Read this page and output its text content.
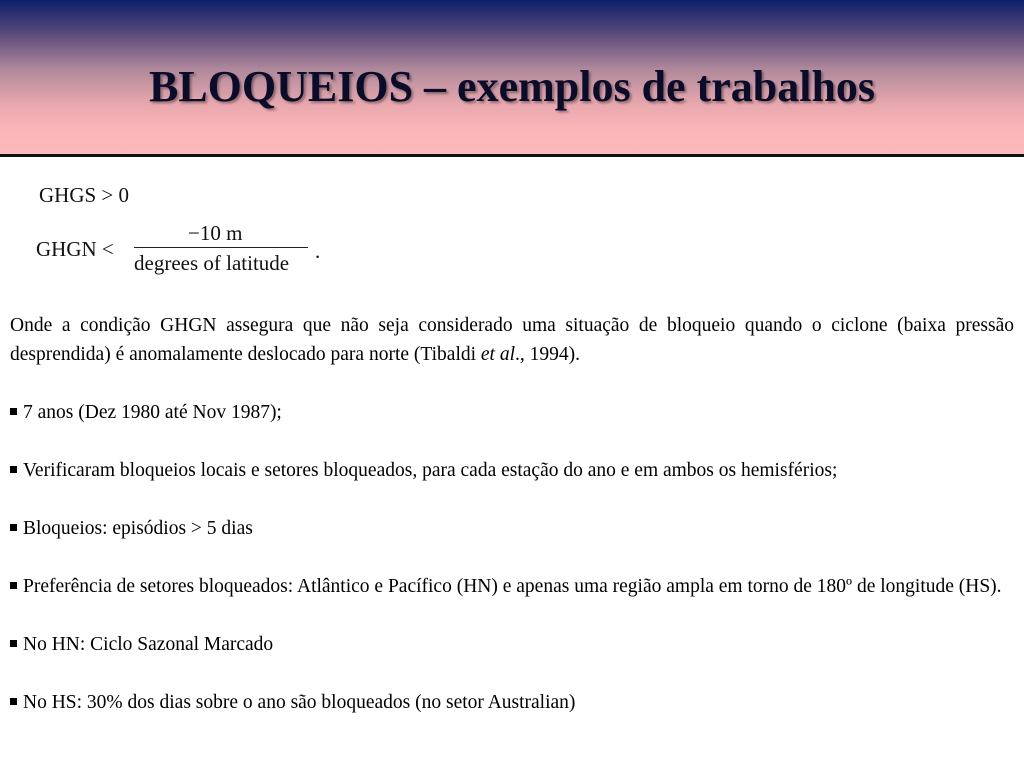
BLOQUEIOS – exemplos de trabalhos
GHGS > 0
GHGN <
−10 m
degrees of latitude .

Onde a condição GHGN assegura que não seja considerado uma situação de bloqueio quando o ciclone (baixa pressão desprendida) é anomalamente deslocado para norte (Tibaldi et al., 1994).

7 anos (Dez 1980 até Nov 1987);

Verificaram bloqueios locais e setores bloqueados, para cada estação do ano e em ambos os hemisférios;

Bloqueios: episódios > 5 dias

Preferência de setores bloqueados: Atlântico e Pacífico (HN) e apenas uma região ampla em torno de 180º de longitude (HS).

No HN: Ciclo Sazonal Marcado

No HS: 30% dos dias sobre o ano são bloqueados (no setor Australian)
